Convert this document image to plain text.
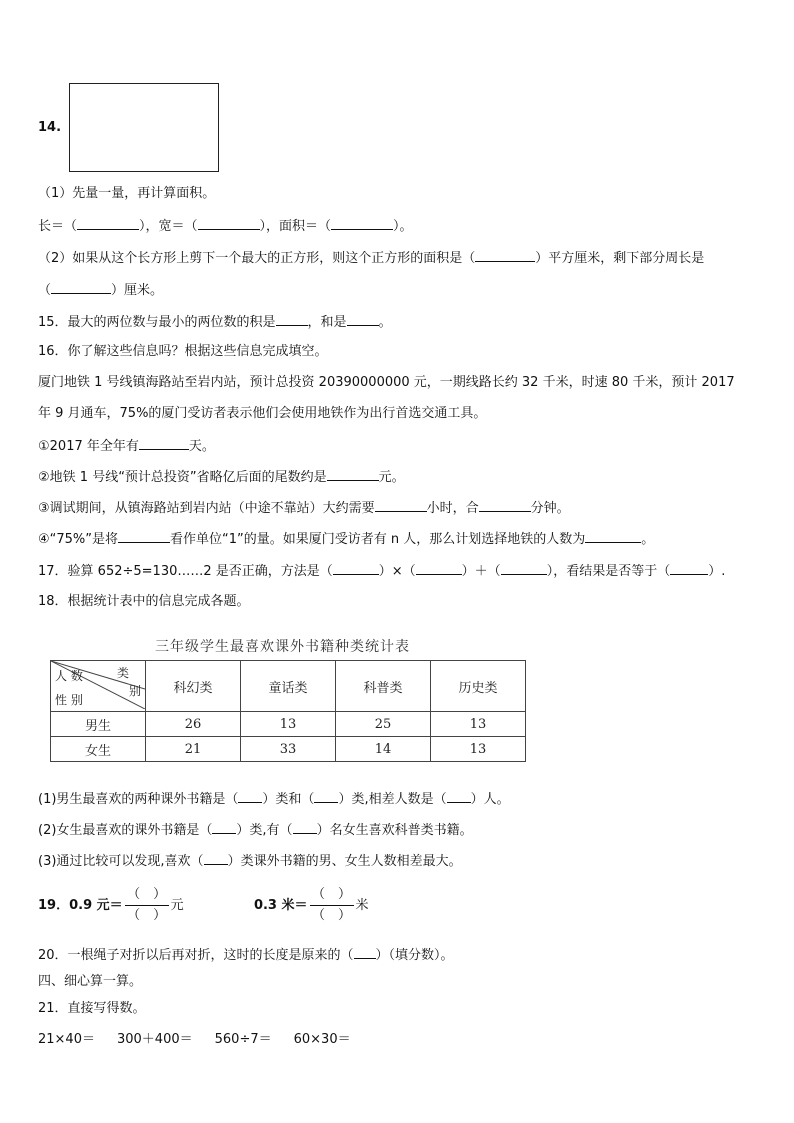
14.
（1）先量一量，再计算面积。
长＝（	），宽＝（	），面积＝（	）。
（2）如果从这个长方形上剪下一个最大的正方形，则这个正方形的面积是（	）平方厘米，剩下部分周长是
（	）厘米。
15．最大的两位数与最小的两位数的积是 ，和是 。
16．你了解这些信息吗？根据这些信息完成填空。
厦门地铁 1 号线镇海路站至岩内站，预计总投资 20390000000 元，一期线路长约 32 千米，时速 80 千米，预计 2017
年 9 月通车，75%的厦门受访者表示他们会使用地铁作为出行首选交通工具。
①2017 年全年有	天。
②地铁 1 号线“预计总投资”省略亿后面的尾数约是	元。
③调试期间，从镇海路站到岩内站（中途不靠站）大约需要	小时，合	分钟。
④“75%”是将	看作单位“1”的量。如果厦门受访者有 n 人，那么计划选择地铁的人数为	。
17．验算 652÷5=130……2 是否正确，方法是（	）×（	）＋（	），看结果是否等于（	）.
18．根据统计表中的信息完成各题。
三年级学生最喜欢课外书籍种类统计表
类
别
人 数
性 别	科幻类	童话类	科普类	历史类
男生	26	13	25	13
女生	21	33	14	13
(1)男生最喜欢的两种课外书籍是（ ）类和（ ）类,相差人数是（ ）人。
(2)女生最喜欢的课外书籍是（ ）类,有（ ）名女生喜欢科普类书籍。
(3)通过比较可以发现,喜欢（ ）类课外书籍的男、女生人数相差最大。
19．0.9 元＝ $\frac{( )}{( )}$ 元	0.3 米＝ $\frac{( )}{( )}$ 米
20．一根绳子对折以后再对折，这时的长度是原来的（ ）（填分数）。
四、细心算一算。
21．直接写得数。
21×40＝ 300＋400＝ 560÷7＝ 60×30＝
